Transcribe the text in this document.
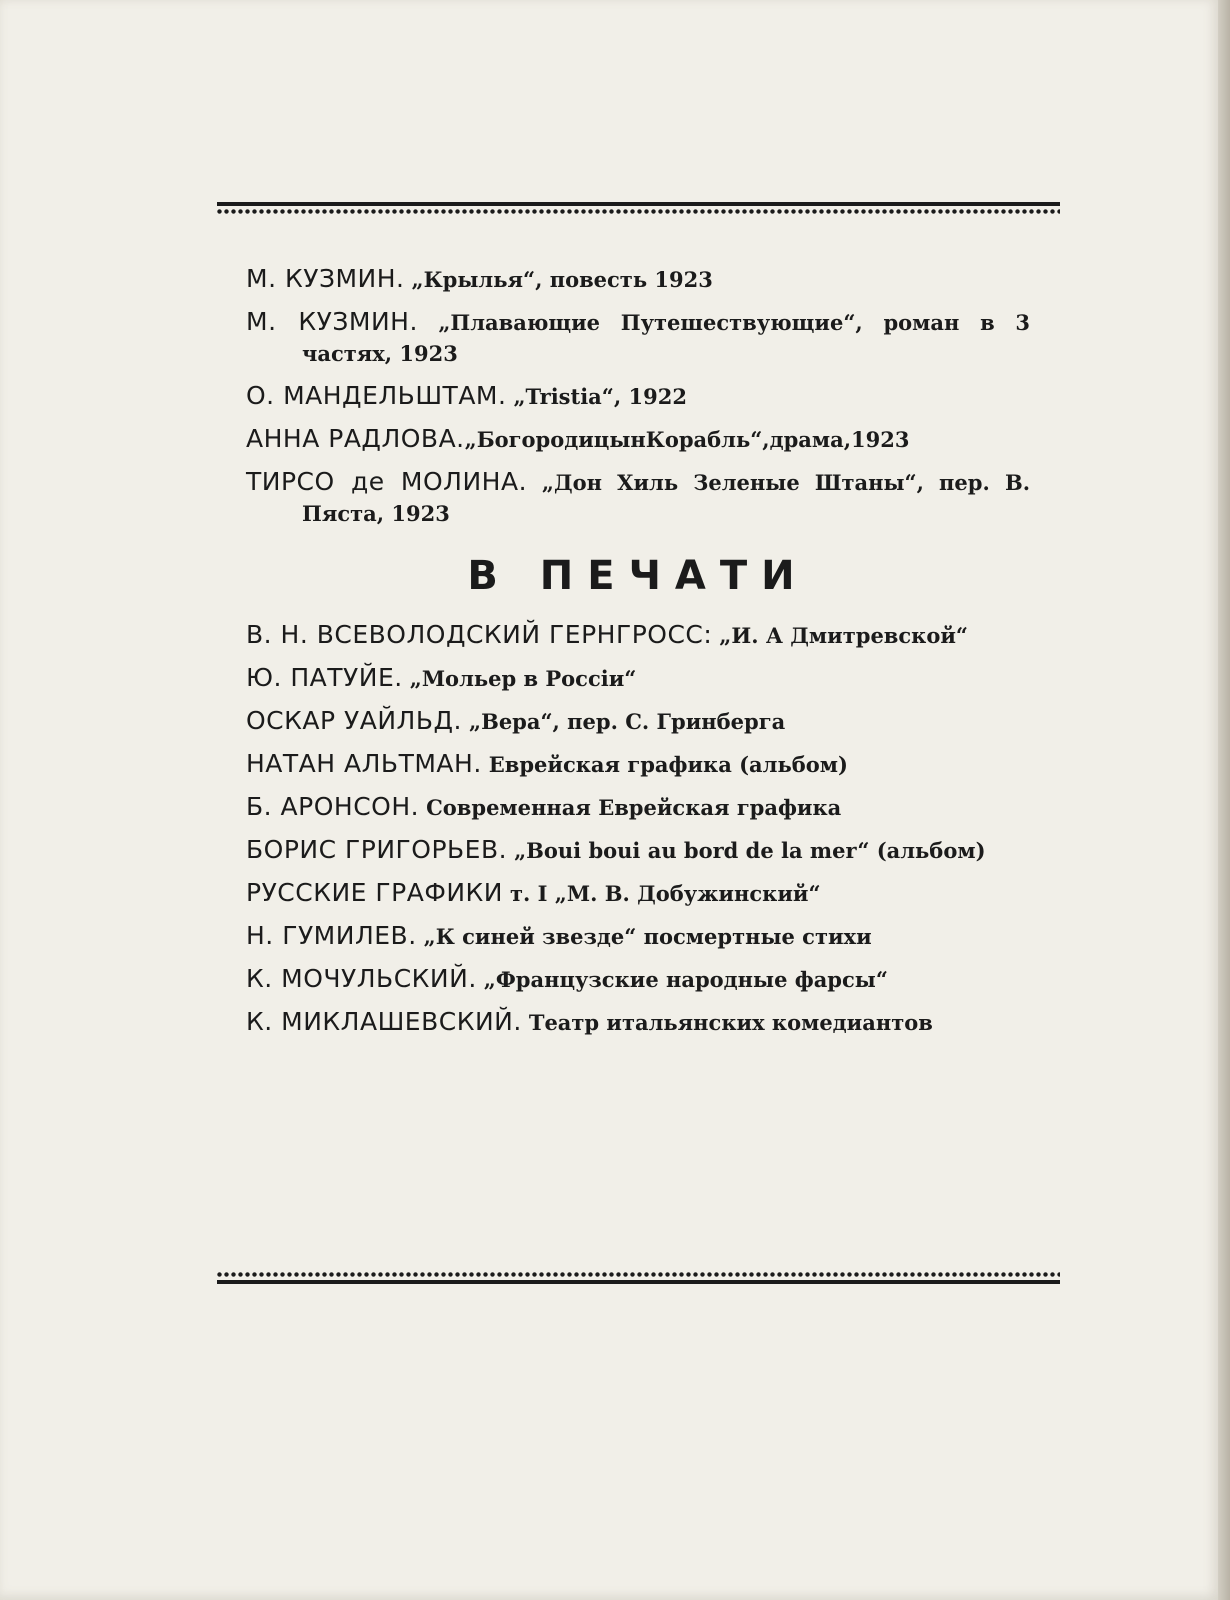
М. КУЗМИН. „Крылья“, повесть 1923
М. КУЗМИН. „Плавающие Путешествующие“, роман в 3 частях, 1923
О. МАНДЕЛЬШТАМ. „Tristia“, 1922
АННА РАДЛОВА.„БогородицынКорабль“,драма,1923
ТИРСО де МОЛИНА. „Дон Хиль Зеленые Штаны“, пер. В. Пяста, 1923
В ПЕЧАТИ
В. Н. ВСЕВОЛОДСКИЙ ГЕРНГРОСС: „И. А Дмитревской“
Ю. ПАТУЙЕ. „Мольер в Россіи“
ОСКАР УАЙЛЬД. „Вера“, пер. С. Гринберга
НАТАН АЛЬТМАН. Еврейская графика (альбом)
Б. АРОНСОН. Современная Еврейская графика
БОРИС ГРИГОРЬЕВ. „Boui boui au bord de la mer“ (альбом)
РУССКИЕ ГРАФИКИ т. I „М. В. Добужинский“
Н. ГУМИЛЕВ. „К синей звезде“ посмертные стихи
К. МОЧУЛЬСКИЙ. „Французские народные фарсы“
К. МИКЛАШЕВСКИЙ. Театр итальянских комедиантов
